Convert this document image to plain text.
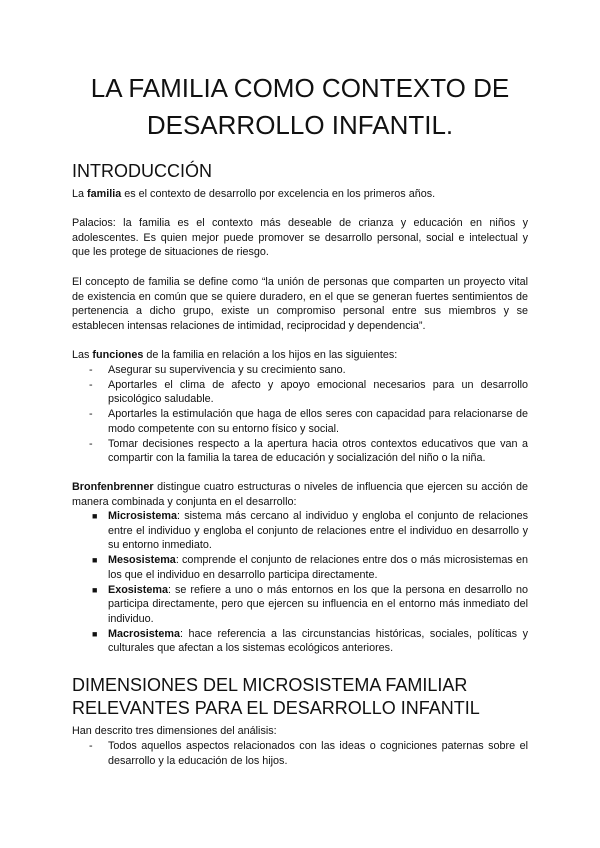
LA FAMILIA COMO CONTEXTO DE DESARROLLO INFANTIL.
INTRODUCCIÓN

La familia es el contexto de desarrollo por excelencia en los primeros años.

Palacios: la familia es el contexto más deseable de crianza y educación en niños y adolescentes. Es quien mejor puede promover se desarrollo personal, social e intelectual y que les protege de situaciones de riesgo.

El concepto de familia se define como “la unión de personas que comparten un proyecto vital de existencia en común que se quiere duradero, en el que se generan fuertes sentimientos de pertenencia a dicho grupo, existe un compromiso personal entre sus miembros y se establecen intensas relaciones de intimidad, reciprocidad y dependencia”.

Las funciones de la familia en relación a los hijos en las siguientes:

- Asegurar su supervivencia y su crecimiento sano.
- Aportarles el clima de afecto y apoyo emocional necesarios para un desarrollo psicológico saludable.
- Aportarles la estimulación que haga de ellos seres con capacidad para relacionarse de modo competente con su entorno físico y social.
- Tomar decisiones respecto a la apertura hacia otros contextos educativos que van a compartir con la familia la tarea de educación y socialización del niño o la niña.

Bronfenbrenner distingue cuatro estructuras o niveles de influencia que ejercen su acción de manera combinada y conjunta en el desarrollo:

■ Microsistema: sistema más cercano al individuo y engloba el conjunto de relaciones entre el individuo y engloba el conjunto de relaciones entre el individuo en desarrollo y su entorno inmediato.
■ Mesosistema: comprende el conjunto de relaciones entre dos o más microsistemas en los que el individuo en desarrollo participa directamente.
■ Exosistema: se refiere a uno o más entornos en los que la persona en desarrollo no participa directamente, pero que ejercen su influencia en el entorno más inmediato del individuo.
■ Macrosistema: hace referencia a las circunstancias históricas, sociales, políticas y culturales que afectan a los sistemas ecológicos anteriores.
DIMENSIONES DEL MICROSISTEMA FAMILIAR RELEVANTES PARA EL DESARROLLO INFANTIL

Han descrito tres dimensiones del análisis:

- Todos aquellos aspectos relacionados con las ideas o cogniciones paternas sobre el desarrollo y la educación de los hijos.
